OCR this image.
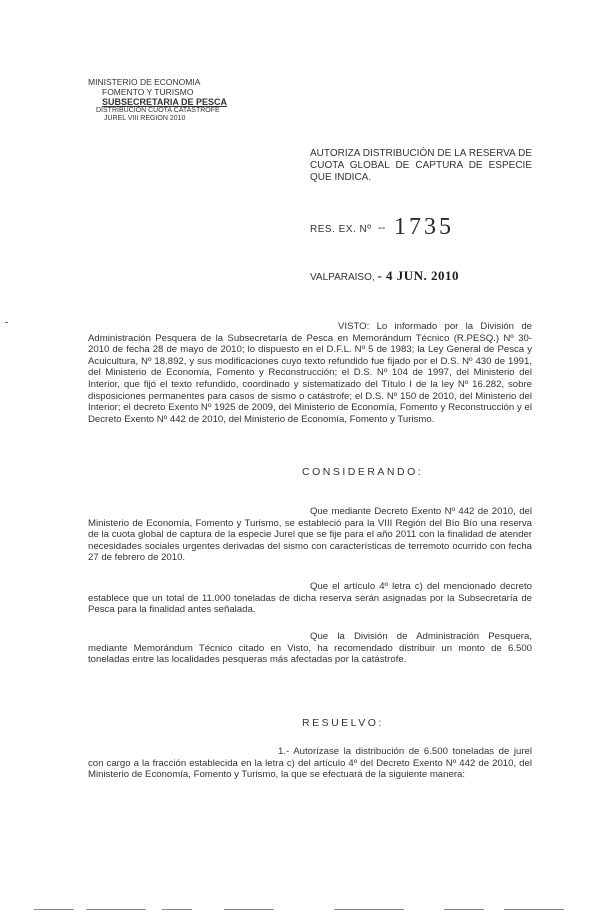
MINISTERIO DE ECONOMIA
FOMENTO Y TURISMO
SUBSECRETARIA DE PESCA
DISTRIBUCIÓN CUOTA CATASTROFE
JUREL VIII REGION 2010
AUTORIZA DISTRIBUCIÓN DE LA RESERVA DE CUOTA GLOBAL DE CAPTURA DE ESPECIE QUE INDICA.
RES. EX. Nº -- 1735
VALPARAISO, - 4 JUN. 2010
VISTO: Lo informado por la División de Administración Pesquera de la Subsecretaría de Pesca en Memorándum Técnico (R.PESQ.) Nº 30-2010 de fecha 28 de mayo de 2010; lo dispuesto en el D.F.L. Nº 5 de 1983; la Ley General de Pesca y Acuicultura, Nº 18.892, y sus modificaciones cuyo texto refundido fue fijado por el D.S. Nº 430 de 1991, del Ministerio de Economía, Fomento y Reconstrucción; el D.S. Nº 104 de 1997, del Ministerio del Interior, que fijó el texto refundido, coordinado y sistematizado del Título I de la ley Nº 16.282, sobre disposiciones permanentes para casos de sismo o catástrofe; el D.S. Nº 150 de 2010, del Ministerio del Interior; el decreto Exento Nº 1925 de 2009, del Ministerio de Economía, Fomento y Reconstrucción y el Decreto Exento Nº 442 de 2010, del Ministerio de Economía, Fomento y Turismo.
CONSIDERANDO:
Que mediante Decreto Exento Nº 442 de 2010, del Ministerio de Economía, Fomento y Turismo, se estableció para la VIII Región del Bío Bío una reserva de la cuota global de captura de la especie Jurel que se fije para el año 2011 con la finalidad de atender necesidades sociales urgentes derivadas del sismo con características de terremoto ocurrido con fecha 27 de febrero de 2010.
Que el artículo 4º letra c) del mencionado decreto establece que un total de 11.000 toneladas de dicha reserva serán asignadas por la Subsecretaría de Pesca para la finalidad antes señalada.
Que la División de Administración Pesquera, mediante Memorándum Técnico citado en Visto, ha recomendado distribuir un monto de 6.500 toneladas entre las localidades pesqueras más afectadas por la catástrofe.
RESUELVO:
1.- Autorízase la distribución de 6.500 toneladas de jurel con cargo a la fracción establecida en la letra c) del artículo 4º del Decreto Exento Nº 442 de 2010, del Ministerio de Economía, Fomento y Turismo, la que se efectuará de la siguiente manera:
